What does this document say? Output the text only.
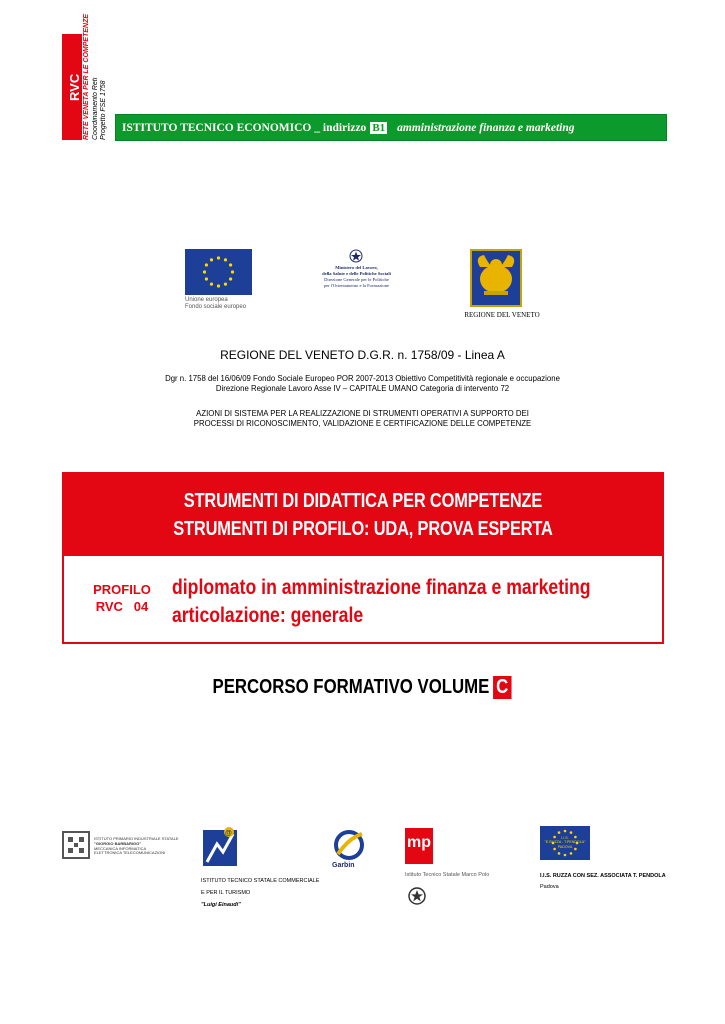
RVC RETE VENETA PER LE COMPETENZE Coordinamento Reti Progetto FSE 1758 ISTITUTO TECNICO ECONOMICO _ indirizzo B1 amministrazione finanza e marketing
Unione europea
Fondo sociale europeo
Ministero del Lavoro,
della Salute e delle Politiche Sociali
Direzione Generale per le Politiche
per l'Orientamento e la Formazione
REGIONE DEL VENETO
REGIONE DEL VENETO D.G.R. n. 1758/09 - Linea A
Dgr n. 1758 del 16/06/09 Fondo Sociale Europeo POR 2007-2013 Obiettivo Competitività regionale e occupazione
Direzione Regionale Lavoro Asse IV – CAPITALE UMANO Categoria di intervento 72
AZIONI DI SISTEMA PER LA REALIZZAZIONE DI STRUMENTI OPERATIVI A SUPPORTO DEI
PROCESSI DI RICONOSCIMENTO, VALIDAZIONE E CERTIFICAZIONE DELLE COMPETENZE
STRUMENTI DI DIDATTICA PER COMPETENZE
STRUMENTI DI PROFILO: UDA, PROVA ESPERTA
PROFILO
RVC   04
diplomato in amministrazione finanza e marketing
articolazione: generale
PERCORSO FORMATIVO VOLUME C
ISTITUTO PRIMARIO INDUSTRIALE STATALE
"GIORGIO BARBARIGO"
MECCANICA INFORMATICA
ELETTRONICA TELECOMUNICAZIONI
@
ISTITUTO TECNICO STATALE COMMERCIALE
E PER IL TURISMO
"Luigi Einaudi"
Garbin
mp
Istituto Tecnico Statale Marco Polo
I.I.S.
"E.RUZZA - T.PENDOLA"
PADOVA
I.I.S. RUZZA CON SEZ. ASSOCIATA T. PENDOLA
Padova
